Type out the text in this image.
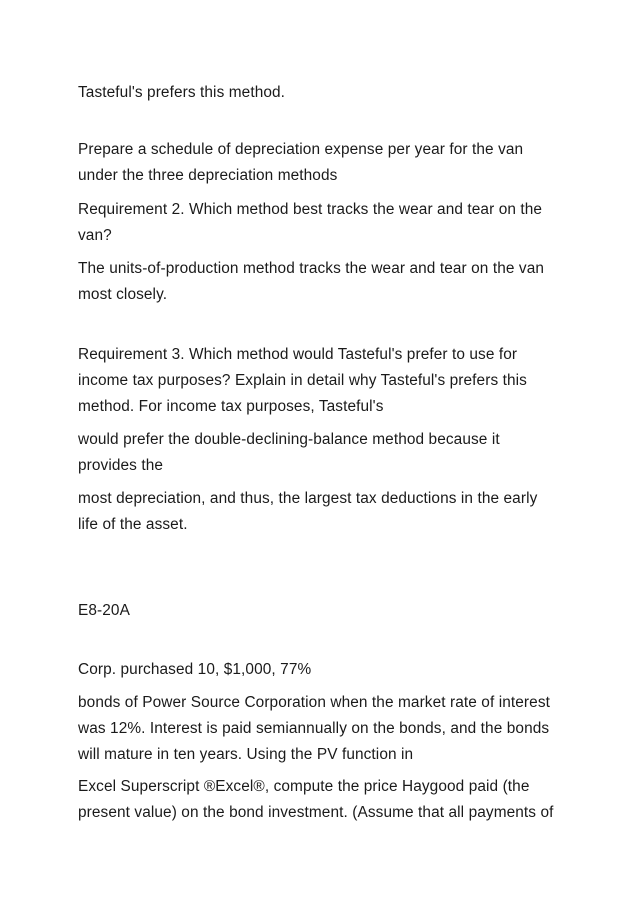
Tasteful's prefers this method.

Prepare a schedule of depreciation expense per year for the van
under the three depreciation methods

Requirement 2. Which method best tracks the wear and tear on the
van?

The units-of-production method tracks the wear and tear on the van
most closely.

Requirement 3. Which method would Tasteful's prefer to use for
income tax purposes? Explain in detail why Tasteful's prefers this
method. For income tax purposes, Tasteful's

would prefer the double-declining-balance method because it
provides the

most depreciation, and thus, the largest tax deductions in the early
life of the asset.

E8-20A

Corp. purchased 10, $1,000, 77%

bonds of Power Source Corporation when the market rate of interest
was 12%. Interest is paid semiannually on the bonds, and the bonds
will mature in ten years. Using the PV function in

Excel Superscript ®Excel®, compute the price Haygood paid (the
present value) on the bond investment. (Assume that all payments of
